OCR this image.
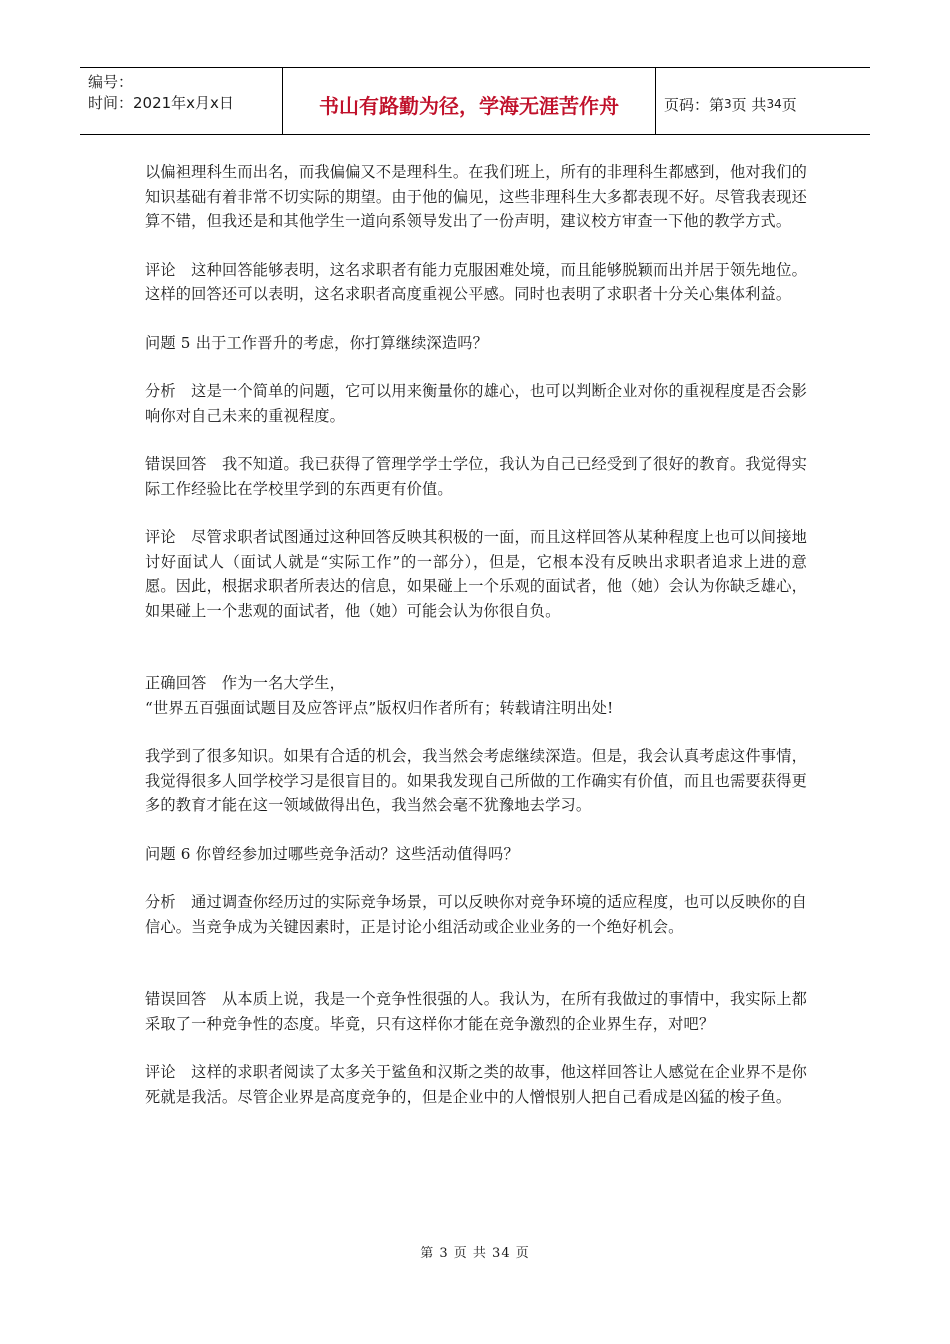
编号：
时间：2021年x月x日	书山有路勤为径，学海无涯苦作舟	页码：第 3 页 共 34 页

以偏袒理科生而出名，而我偏偏又不是理科生。在我们班上，所有的非理科生都感到，他对我们的知识基础有着非常不切实际的期望。由于他的偏见，这些非理科生大多都表现不好。尽管我表现还算不错，但我还是和其他学生一道向系领导发出了一份声明，建议校方审查一下他的教学方式。

评论　这种回答能够表明，这名求职者有能力克服困难处境，而且能够脱颖而出并居于领先地位。这样的回答还可以表明，这名求职者高度重视公平感。同时也表明了求职者十分关心集体利益。

问题 5 出于工作晋升的考虑，你打算继续深造吗？

分析　这是一个简单的问题，它可以用来衡量你的雄心，也可以判断企业对你的重视程度是否会影响你对自己未来的重视程度。

错误回答　我不知道。我已获得了管理学学士学位，我认为自己已经受到了很好的教育。我觉得实际工作经验比在学校里学到的东西更有价值。

评论　尽管求职者试图通过这种回答反映其积极的一面，而且这样回答从某种程度上也可以间接地讨好面试人（面试人就是“实际工作”的一部分），但是，它根本没有反映出求职者追求上进的意愿。因此，根据求职者所表达的信息，如果碰上一个乐观的面试者，他（她）会认为你缺乏雄心，如果碰上一个悲观的面试者，他（她）可能会认为你很自负。

正确回答　作为一名大学生，

“世界五百强面试题目及应答评点”版权归作者所有；转载请注明出处!

我学到了很多知识。如果有合适的机会，我当然会考虑继续深造。但是，我会认真考虑这件事情，我觉得很多人回学校学习是很盲目的。如果我发现自己所做的工作确实有价值，而且也需要获得更多的教育才能在这一领域做得出色，我当然会毫不犹豫地去学习。

问题 6 你曾经参加过哪些竞争活动？这些活动值得吗？

分析　通过调查你经历过的实际竞争场景，可以反映你对竞争环境的适应程度，也可以反映你的自信心。当竞争成为关键因素时，正是讨论小组活动或企业业务的一个绝好机会。

错误回答　从本质上说，我是一个竞争性很强的人。我认为，在所有我做过的事情中，我实际上都采取了一种竞争性的态度。毕竟，只有这样你才能在竞争激烈的企业界生存，对吧？

评论　这样的求职者阅读了太多关于鲨鱼和汉斯之类的故事，他这样回答让人感觉在企业界不是你死就是我活。尽管企业界是高度竞争的，但是企业中的人憎恨别人把自己看成是凶猛的梭子鱼。

第 3 页 共 34 页
